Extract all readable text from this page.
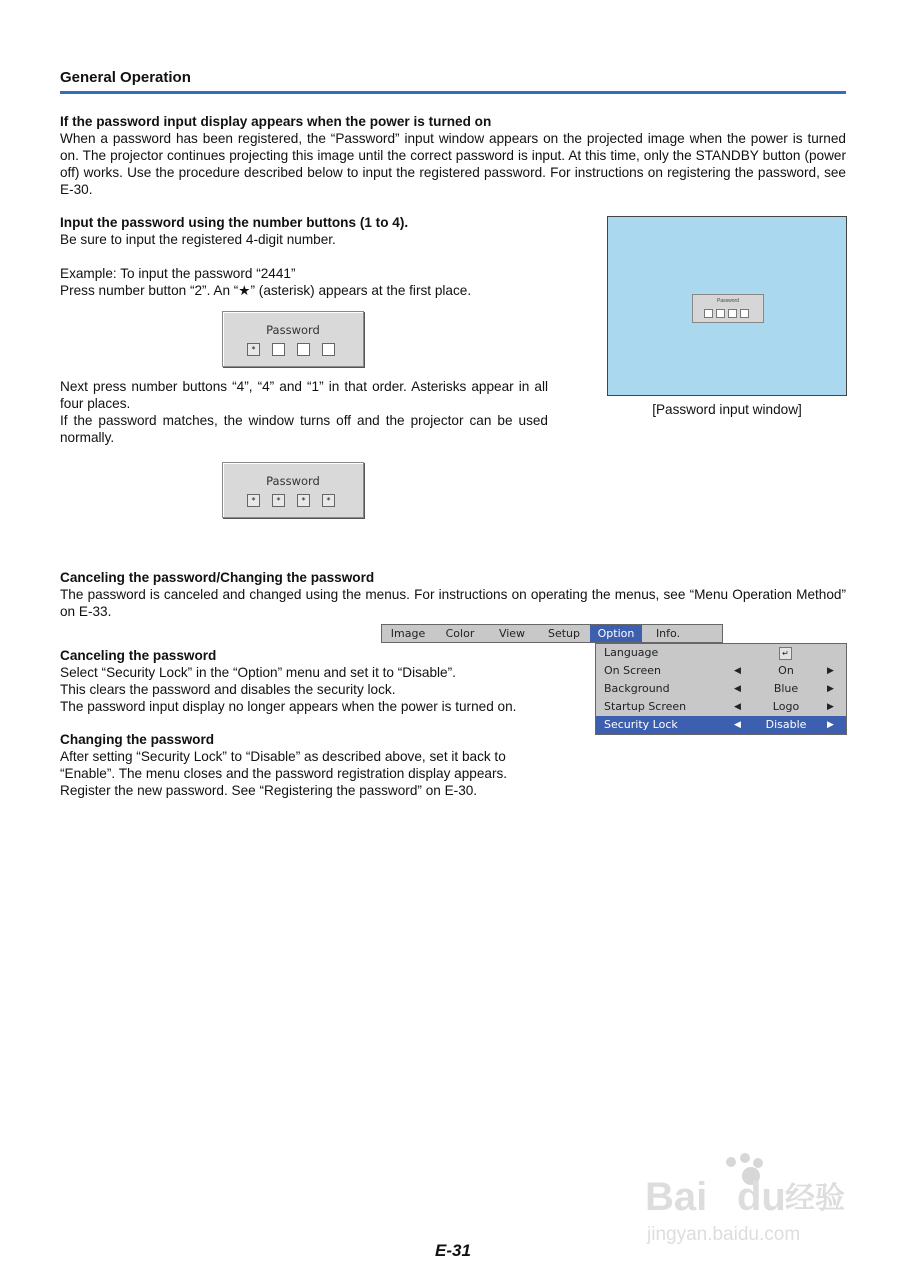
General Operation
If the password input display appears when the power is turned on
When a password has been registered, the “Password” input window appears on the projected image when the power is turned on. The projector continues projecting this image until the correct password is input. At this time, only the STANDBY button (power off) works. Use the procedure described below to input the registered password. For instructions on registering the password, see E-30.
Input the password using the number buttons (1 to 4).
Be sure to input the registered 4-digit number.
Example: To input the password “2441”
Press number button “2”. An “★” (asterisk) appears at the first place.
Password
*
Next press number buttons “4”, “4” and “1” in that order. Asterisks appear in all four places.
If the password matches, the window turns off and the projector can be used normally.
Password
*	*	*	*
Password
[Password input window]
Canceling the password/Changing the password
The password is canceled and changed using the menus. For instructions on operating the menus, see “Menu Operation Method” on E-33.
Image	Color	View	Setup	Option	Info.
Language	↵
On Screen	◀	On	▶
Background	◀	Blue	▶
Startup Screen	◀	Logo	▶
Security Lock	◀	Disable	▶
Canceling the password
Select “Security Lock” in the “Option” menu and set it to “Disable”.
This clears the password and disables the security lock.
The password input display no longer appears when the power is turned on.
Changing the password
After setting “Security Lock” to “Disable” as described above, set it back to “Enable”. The menu closes and the password registration display appears.
Register the new password. See “Registering the password” on E-30.
Bai du 经验
jingyan.baidu.com
E-31
